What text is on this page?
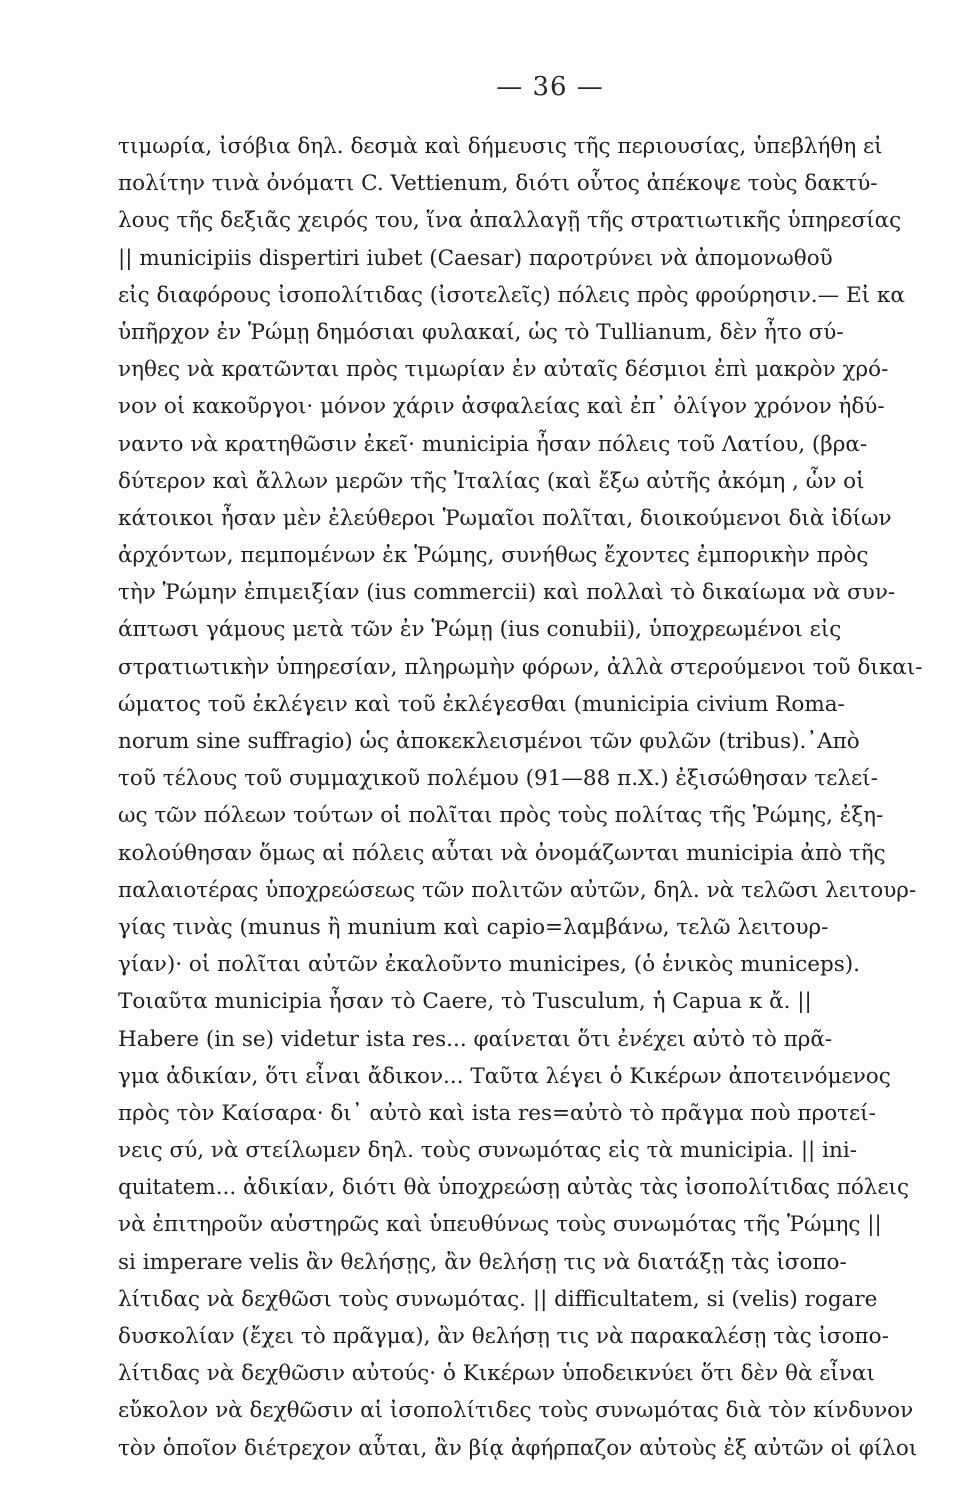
— 36 —
τιμωρία, ἰσόβια δηλ. δεσμὰ καὶ δήμευσις τῆς περιουσίας, ὑπεβλήθη εἰ
πολίτην τινὰ ὀνόματι C. Vettienum, διότι οὗτος ἀπέκοψε τοὺς δακτύ-
λους τῆς δεξιᾶς χειρός του, ἵνα ἀπαλλαγῇ τῆς στρατιωτικῆς ὑπηρεσίας
|| municipiis dispertiri iubet (Caesar) παροτρύνει νὰ ἀπομονωθοῦ
εἰς διαφόρους ἰσοπολίτιδας (ἰσοτελεῖς) πόλεις πρὸς φρούρησιν.— Εἰ κα
ὑπῆρχον ἐν Ῥώμῃ δημόσιαι φυλακαί, ὡς τὸ Tullianum, δὲν ἦτο σύ-
νηθες νὰ κρατῶνται πρὸς τιμωρίαν ἐν αὐταῖς δέσμιοι ἐπὶ μακρὸν χρό-
νον οἱ κακοῦργοι· μόνον χάριν ἀσφαλείας καὶ ἐπ᾽ ὀλίγον χρόνον ἠδύ-
ναντο νὰ κρατηθῶσιν ἐκεῖ· municipia ἦσαν πόλεις τοῦ Λατίου, (βρα-
δύτερον καὶ ἄλλων μερῶν τῆς Ἰταλίας (καὶ ἔξω αὐτῆς ἀκόμη , ὧν οἱ
κάτοικοι ἦσαν μὲν ἐλεύθεροι Ῥωμαῖοι πολῖται, διοικούμενοι διὰ ἰδίων
ἀρχόντων, πεμπομένων ἐκ Ῥώμης, συνήθως ἔχοντες ἐμπορικὴν πρὸς
τὴν Ῥώμην ἐπιμειξίαν (ius commercii) καὶ πολλαὶ τὸ δικαίωμα νὰ συν-
άπτωσι γάμους μετὰ τῶν ἐν Ῥώμῃ (ius conubii), ὑποχρεωμένοι εἰς
στρατιωτικὴν ὑπηρεσίαν, πληρωμὴν φόρων, ἀλλὰ στερούμενοι τοῦ δικαι-
ώματος τοῦ ἐκλέγειν καὶ τοῦ ἐκλέγεσθαι (municipia civium Roma-
norum sine suffragio) ὡς ἀποκεκλεισμένοι τῶν φυλῶν (tribus).᾽Απὸ
τοῦ τέλους τοῦ συμμαχικοῦ πολέμου (91—88 π.Χ.) ἐξισώθησαν τελεί-
ως τῶν πόλεων τούτων οἱ πολῖται πρὸς τοὺς πολίτας τῆς Ῥώμης, ἐξη-
κολούθησαν ὅμως αἱ πόλεις αὗται νὰ ὀνομάζωνται municipia ἀπὸ τῆς
παλαιοτέρας ὑποχρεώσεως τῶν πολιτῶν αὐτῶν, δηλ. νὰ τελῶσι λειτουρ-
γίας τινὰς (munus ἢ munium καὶ capio=λαμβάνω, τελῶ λειτουρ-
γίαν)· οἱ πολῖται αὐτῶν ἐκαλοῦντο municipes, (ὁ ἑνικὸς municeps).
Τοιαῦτα municipia ἦσαν τὸ Caere, τὸ Tusculum, ἡ Capua κ ἄ. ||
Habere (in se) videtur ista res... φαίνεται ὅτι ἐνέχει αὐτὸ τὸ πρᾶ-
γμα ἀδικίαν, ὅτι εἶναι ἄδικον... Ταῦτα λέγει ὁ Κικέρων ἀποτεινόμενος
πρὸς τὸν Καίσαρα· δι᾽ αὐτὸ καὶ ista res=αὐτὸ τὸ πρᾶγμα ποὺ προτεί-
νεις σύ, νὰ στείλωμεν δηλ. τοὺς συνωμότας εἰς τὰ municipia. || ini-
quitatem... ἀδικίαν, διότι θὰ ὑποχρεώσῃ αὐτὰς τὰς ἰσοπολίτιδας πόλεις
νὰ ἐπιτηροῦν αὐστηρῶς καὶ ὑπευθύνως τοὺς συνωμότας τῆς Ῥώμης ||
si imperare velis ἂν θελήσῃς, ἂν θελήσῃ τις νὰ διατάξῃ τὰς ἰσοπο-
λίτιδας νὰ δεχθῶσι τοὺς συνωμότας. || difficultatem, si (velis) rogare
δυσκολίαν (ἔχει τὸ πρᾶγμα), ἂν θελήσῃ τις νὰ παρακαλέσῃ τὰς ἰσοπο-
λίτιδας νὰ δεχθῶσιν αὐτούς· ὁ Κικέρων ὑποδεικνύει ὅτι δὲν θὰ εἶναι
εὔκολον νὰ δεχθῶσιν αἱ ἰσοπολίτιδες τοὺς συνωμότας διὰ τὸν κίνδυνον
τὸν ὁποῖον διέτρεχον αὗται, ἂν βίᾳ ἀφήρπαζον αὐτοὺς ἐξ αὐτῶν οἱ φίλοι
